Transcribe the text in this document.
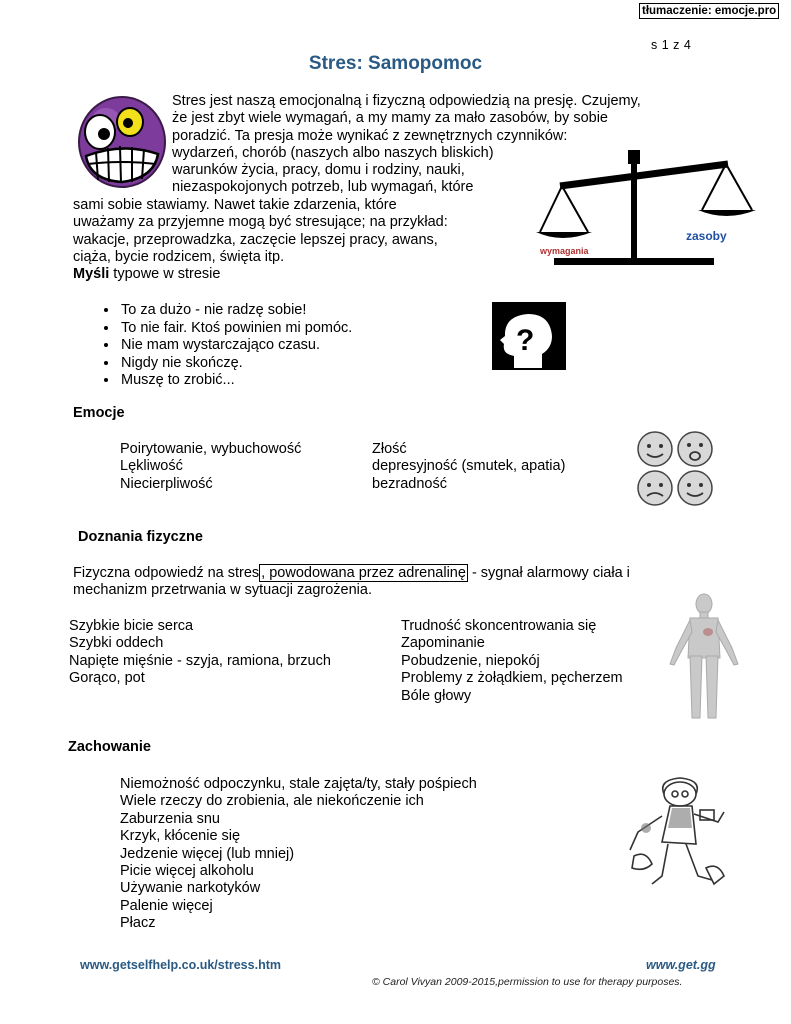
tłumaczenie: emocje.pro
s 1 z 4
Stres: Samopomoc
Stres jest naszą emocjonalną i fizyczną odpowiedzią na presję. Czujemy,
że jest zbyt wiele wymagań, a my mamy za mało zasobów, by sobie
poradzić. Ta presja może wynikać z zewnętrznych czynników:
wydarzeń, chorób (naszych albo naszych bliskich)
warunków życia, pracy, domu i rodziny, nauki,
niezaspokojonych potrzeb, lub wymagań, które
sami sobie stawiamy. Nawet takie zdarzenia, które
uważamy za przyjemne mogą być stresujące; na przykład:
wakacje, przeprowadzka, zaczęcie lepszej pracy, awans,
ciąża, bycie rodzicem, święta itp.
Myśli typowe w stresie
wymagania
zasoby
• To za dużo - nie radzę sobie!
• To nie fair. Ktoś powinien mi pomóc.
• Nie mam wystarczająco czasu.
• Nigdy nie skończę.
• Muszę to zrobić...
?
Emocje
Poirytowanie, wybuchowość
Lękliwość
Niecierpliwość
Złość
depresyjność (smutek, apatia)
bezradność
Doznania fizyczne
Fizyczna odpowiedź na stres , powodowana przez adrenalinę - sygnał alarmowy ciała i
mechanizm przetrwania w sytuacji zagrożenia.
Szybkie bicie serca
Szybki oddech
Napięte mięśnie - szyja, ramiona, brzuch
Gorąco, pot
Trudność skoncentrowania się
Zapominanie
Pobudzenie, niepokój
Problemy z żołądkiem, pęcherzem
Bóle głowy
Zachowanie
Niemożność odpoczynku, stale zajęta/ty, stały pośpiech
Wiele rzeczy do zrobienia, ale niekończenie ich
Zaburzenia snu
Krzyk, kłócenie się
Jedzenie więcej (lub mniej)
Picie więcej alkoholu
Używanie narkotyków
Palenie więcej
Płacz
www.getselfhelp.co.uk/stress.htm	www.get.gg
© Carol Vivyan 2009-2015,permission to use for therapy purposes.
